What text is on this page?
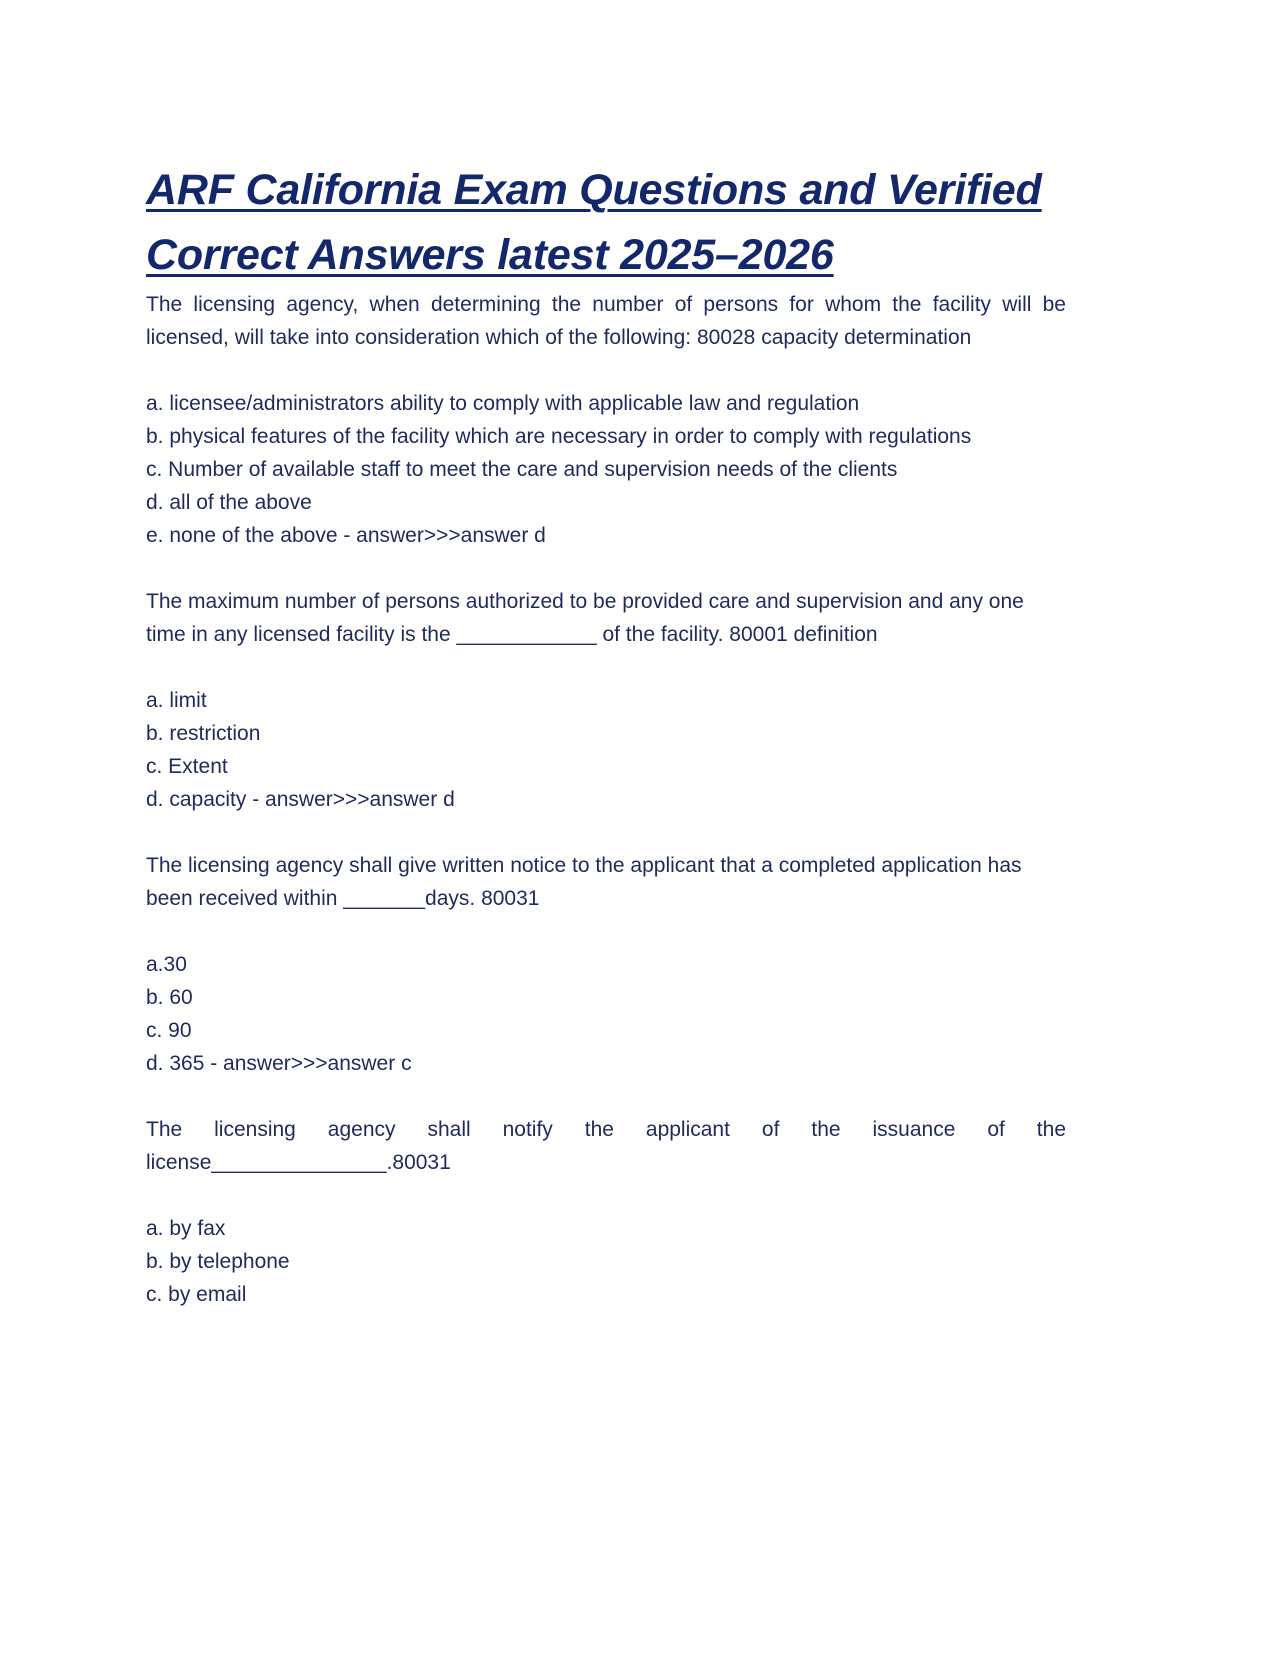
ARF California Exam Questions and Verified
Correct Answers latest 2025–2026

The licensing agency, when determining the number of persons for whom the facility will be licensed, will take into consideration which of the following: 80028 capacity determination

a. licensee/administrators ability to comply with applicable law and regulation
b. physical features of the facility which are necessary in order to comply with regulations
c. Number of available staff to meet the care and supervision needs of the clients
d. all of the above
e. none of the above - answer>>>answer d

The maximum number of persons authorized to be provided care and supervision and any one time in any licensed facility is the ____________ of the facility. 80001 definition

a. limit
b. restriction
c. Extent
d. capacity - answer>>>answer d

The licensing agency shall give written notice to the applicant that a completed application has been received within _______days. 80031

a.30
b. 60
c. 90
d. 365 - answer>>>answer c

The licensing agency shall notify the applicant of the issuance of the

license_______________.80031

a. by fax
b. by telephone
c. by email
